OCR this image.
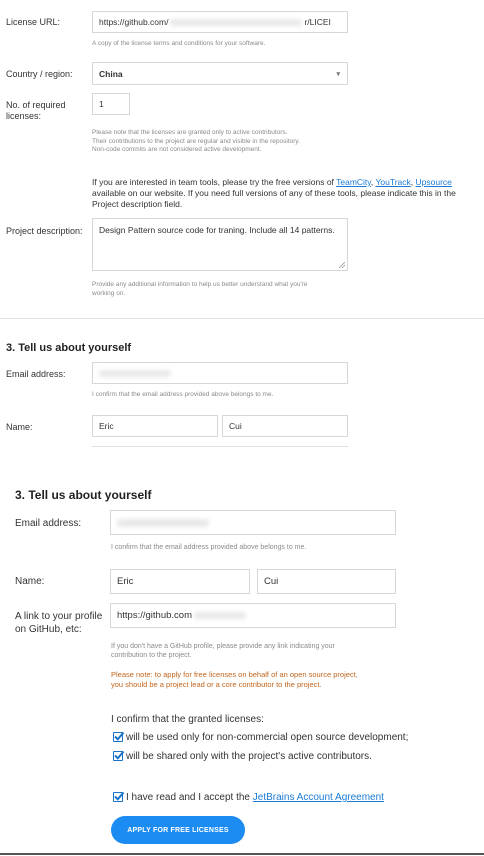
License URL:	https://github.com/	r/LICEI
A copy of the license terms and conditions for your software.
Country / region:	China	▾
No. of required
licenses:
1
Please note that the licenses are granted only to active contributors.
Their contributions to the project are regular and visible in the repository.
Non-code commits are not considered active development.
If you are interested in team tools, please try the free versions of TeamCity, YouTrack, Upsource available on our website. If you need full versions of any of these tools, please indicate this in the Project description field.
Project description: Design Pattern source code for traning. Include all 14 patterns.
Provide any additional information to help us better understand what you're
working on.
3. Tell us about yourself
Email address:
I confirm that the email address provided above belongs to me.
Name:	Eric	Cui
3. Tell us about yourself
Email address:
I confirm that the email address provided above belongs to me.
Name:	Eric	Cui
A link to your profile
on GitHub, etc:
https://github.com
If you don't have a GitHub profile, please provide any link indicating your
contribution to the project.
Please note: to apply for free licenses on behalf of an open source project,
you should be a project lead or a core contributor to the project.
I confirm that the granted licenses:
will be used only for non-commercial open source development;
will be shared only with the project's active contributors.
I have read and I accept the JetBrains Account Agreement
APPLY FOR FREE LICENSES
